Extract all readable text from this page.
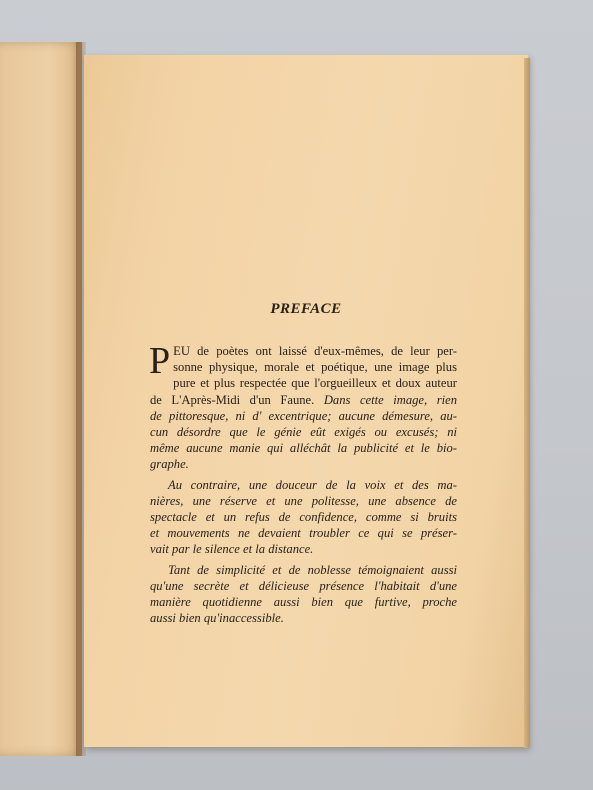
PREFACE
P EU de poètes ont laissé d'eux-mêmes, de leur per-
sonne physique, morale et poétique, une image plus
pure et plus respectée que l'orgueilleux et doux auteur
de L'Après-Midi d'un Faune. Dans cette image, rien
de pittoresque, ni d' excentrique; aucune démesure, au-
cun désordre que le génie eût exigés ou excusés; ni
même aucune manie qui alléchât la publicité et le bio-
graphe.
Au contraire, une douceur de la voix et des ma-
nières, une réserve et une politesse, une absence de
spectacle et un refus de confidence, comme si bruits
et mouvements ne devaient troubler ce qui se préser-
vait par le silence et la distance.
Tant de simplicité et de noblesse témoignaient aussi
qu'une secrète et délicieuse présence l'habitait d'une
manière quotidienne aussi bien que furtive, proche
aussi bien qu'inaccessible.
